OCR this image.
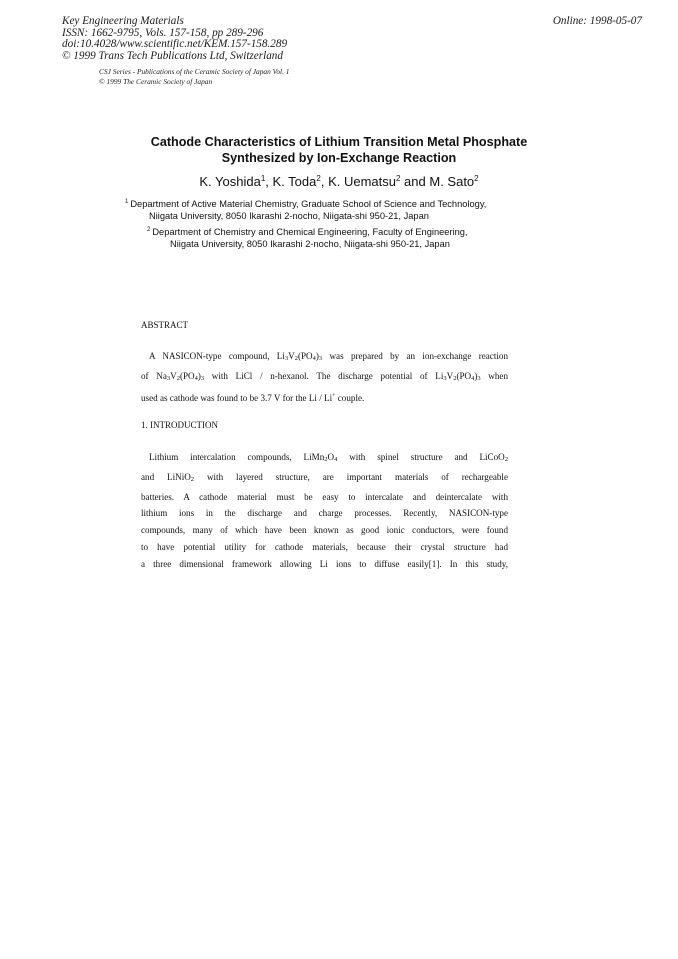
Key Engineering Materials
ISSN: 1662-9795, Vols. 157-158, pp 289-296
doi:10.4028/www.scientific.net/KEM.157-158.289
© 1999 Trans Tech Publications Ltd, Switzerland
Online: 1998-05-07
CSJ Series - Publications of the Ceramic Society of Japan Vol. 1
© 1999 The Ceramic Society of Japan
Cathode Characteristics of Lithium Transition Metal Phosphate
Synthesized by Ion-Exchange Reaction
K. Yoshida$^1$, K. Toda$^2$, K. Uematsu$^2$ and M. Sato$^2$
$^1$ Department of Active Material Chemistry, Graduate School of Science and Technology,
Niigata University, 8050 Ikarashi 2-nocho, Niigata-shi 950-21, Japan
$^2$ Department of Chemistry and Chemical Engineering, Faculty of Engineering,
Niigata University, 8050 Ikarashi 2-nocho, Niigata-shi 950-21, Japan
ABSTRACT
A NASICON-type compound, $Li_3V_2(PO_4)_3$ was prepared by an ion-exchange reaction
of $Na_3V_2(PO_4)_3$ with LiCl / n-hexanol. The discharge potential of $Li_3V_2(PO_4)_3$ when
used as cathode was found to be 3.7 V for the Li / Li+ couple.
1. INTRODUCTION
Lithium intercalation compounds, $LiMn_2O_4$ with spinel structure and LiCoO$_2$
and LiNiO$_2$ with layered structure, are important materials of rechargeable
batteries. A cathode material must be easy to intercalate and deintercalate with
lithium ions in the discharge and charge processes. Recently, NASICON-type
compounds, many of which have been known as good ionic conductors, were found
to have potential utility for cathode materials, because their crystal structure had
a three dimensional framework allowing Li ions to diffuse easily[1]. In this study,
